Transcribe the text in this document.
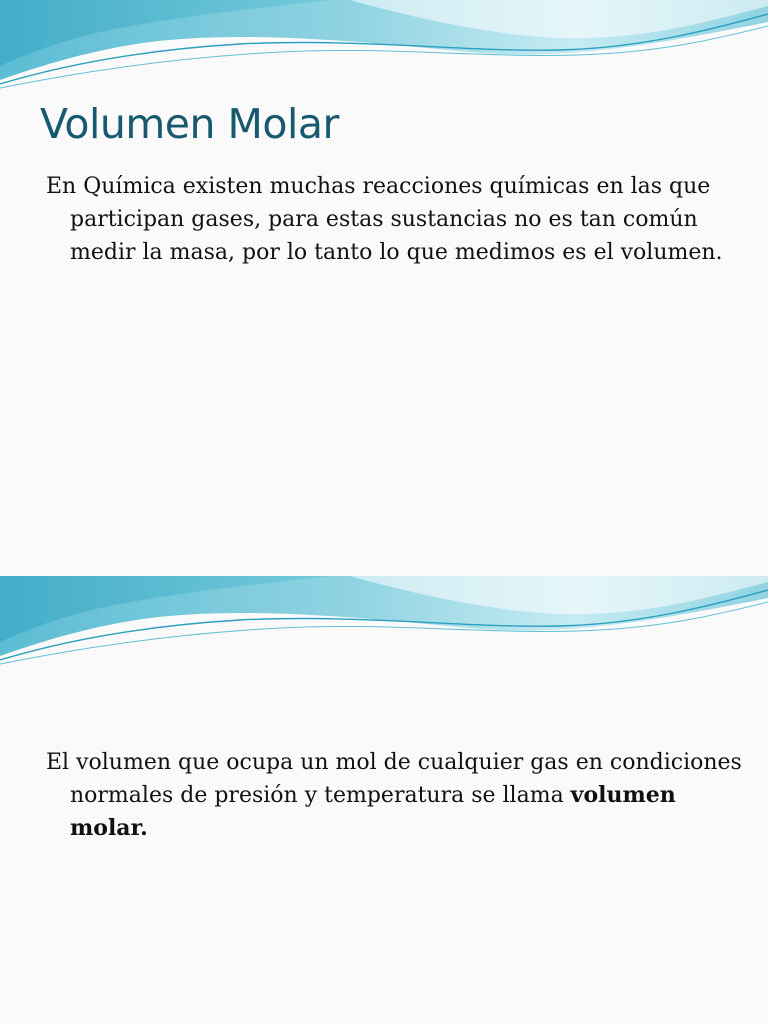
Volumen Molar

En Química existen muchas reacciones químicas en las que participan gases, para estas sustancias no es tan común medir la masa, por lo tanto lo que medimos es el volumen.

El volumen que ocupa un mol de cualquier gas en condiciones normales de presión y temperatura se llama volumen molar.
